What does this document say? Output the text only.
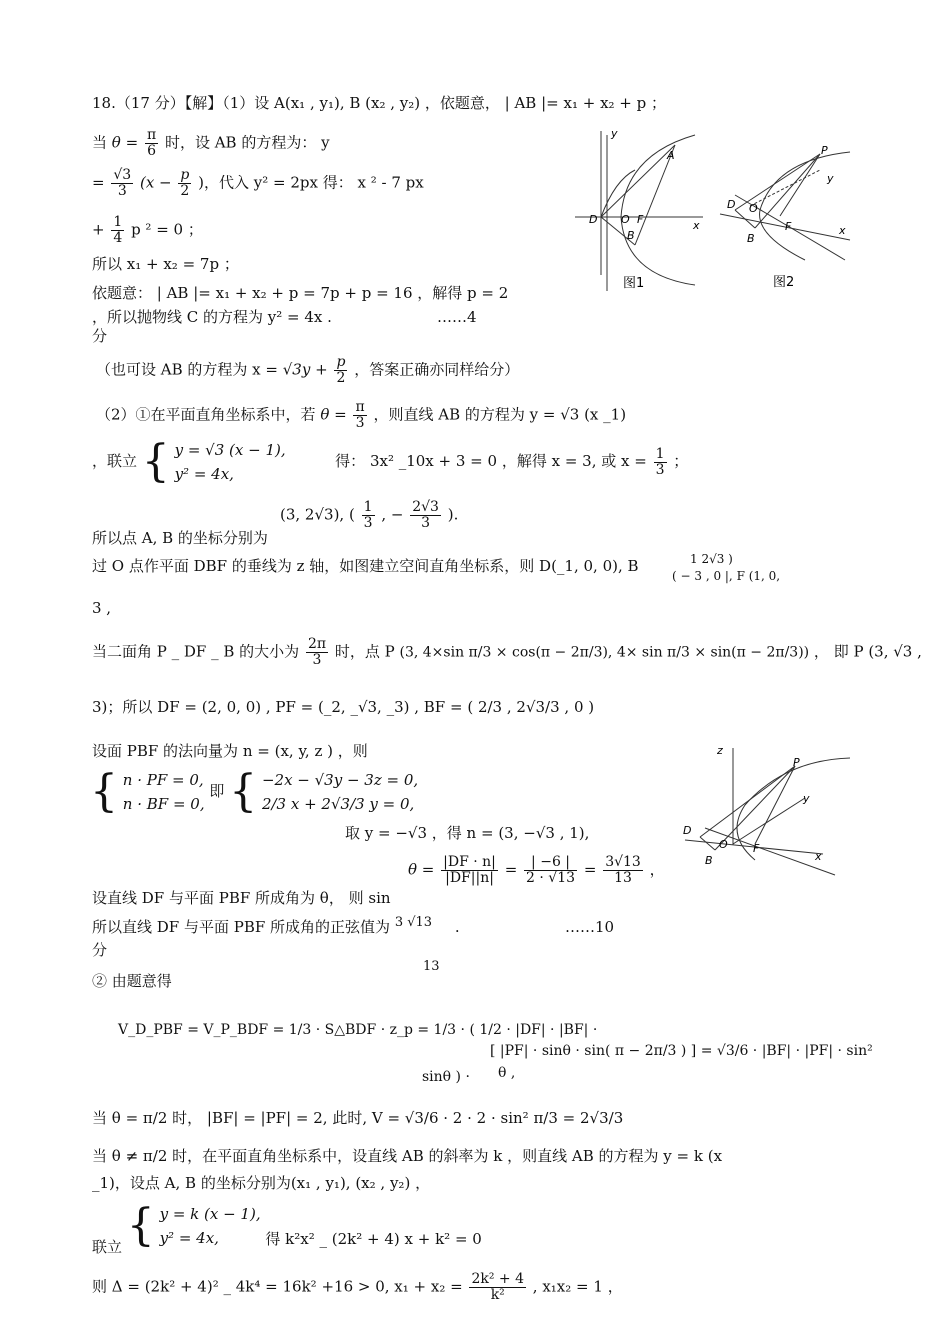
18.（17 分）【解】（1）设 A(x₁ , y₁), B (x₂ , y₂) ，依题意， | AB |= x₁ + x₂ + p ；
当 $\theta = \frac{\pi}{6}$ 时，设 AB 的方程为： y
= $\frac{√3}{3} (x - \frac{p}{2}$ )，代入 y² = 2px 得： x ² - 7 px
+ $\frac{1}{4}$ p ² = 0 ；
所以 x₁ + x₂ = 7p ；
依题意： | AB |= x₁ + x₂ + p = 7p + p = 16 ，解得 p = 2
，所以抛物线 C 的方程为 y² = 4x .	……4
分
（也可设 AB 的方程为 $x = √3y + \frac{p}{2}$ ，答案正确亦同样给分）
（2）①在平面直角坐标系中，若 $\theta = \frac{\pi}{3}$ ，则直线 AB 的方程为 y = √3 (x _1)
，联立 { y = √3 (x − 1),
y² = 4x,
得： 3x² _10x + 3 = 0 ，解得 x = 3, 或 $x = \frac{1}{3}$ ；
(3, 2√3), ( $\frac{1}{3}$ , − $\frac{2√3}{3}$ ).
所以点 A, B 的坐标分别为
过 O 点作平面 DBF 的垂线为 z 轴，如图建立空间直角坐标系，则 D(_1, 0, 0), B	1 2√3 )
( − 3 , 0 |, F (1, 0,
3 ,
当二面角 P _ DF _ B 的大小为 $\frac{2\pi}{3}$ 时，点 P (3, 4×sin π/3 × cos(π − 2π/3), 4× sin π/3 × sin(π − 2π/3)) ， 即 P (3, √3 ,
3)；所以 DF = (2, 0, 0) , PF = (_2, _√3, _3) , BF = ( 2/3 , 2√3/3 , 0 )
设面 PBF 的法向量为 n = (x, y, z ) ，则
{ n · PF = 0,
n · BF = 0,
即 { −2x − √3y − 3z = 0,
2/3 x + 2√3/3 y = 0,
取 y = −√3 ，得 n = (3, −√3 , 1),
$\theta = \frac{|DF \cdot n|}{|DF||n|} = \frac{| -6 |}{2 \cdot √13} = \frac{3√13}{13}$ ，
设直线 DF 与平面 PBF 所成角为 θ， 则 sin
所以直线 DF 与平面 PBF 所成角的正弦值为 3 √13 .	……10
分
13
② 由题意得
V_D_PBF = V_P_BDF = 1/3 · S△BDF · z_p = 1/3 · ( 1/2 · |DF| · |BF| ·
[ |PF| · sinθ · sin( π − 2π/3 ) ] = √3/6 · |BF| · |PF| · sin²
sinθ ) · θ ,
当 θ = π/2 时， |BF| = |PF| = 2, 此时, V = √3/6 · 2 · 2 · sin² π/3 = 2√3/3
当 θ ≠ π/2 时，在平面直角坐标系中，设直线 AB 的斜率为 k ，则直线 AB 的方程为 y = k (x
_1)，设点 A, B 的坐标分别为(x₁ , y₁), (x₂ , y₂) ，
联立 { y = k (x − 1),
y² = 4x,	得 k²x² _ (2k² + 4) x + k² = 0
则 Δ = (2k² + 4)² _ 4k⁴ = 16k² +16 > 0, $x_1 + x_2 = \frac{\text{2k² + 4}}{\text{k²}}$ , x₁x₂ = 1 ，
y
x
A
D O F
B
图1
P
y
D O
F
B
x
图2
z
P
y
D
O F
B	x
